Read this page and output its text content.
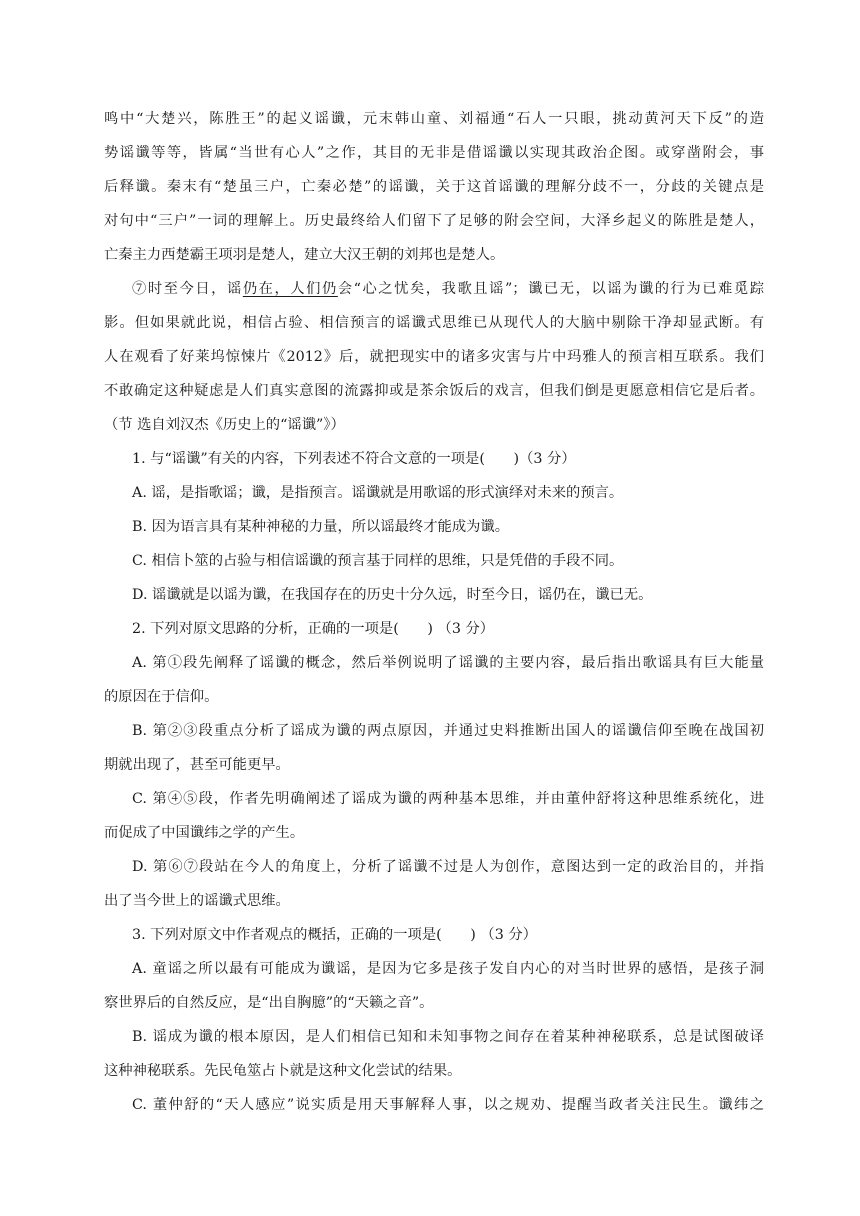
鸣中“大楚兴，陈胜王”的起义谣谶，元末韩山童、刘福通“石人一只眼，挑动黄河天下反”的造
势谣谶等等，皆属“当世有心人”之作，其目的无非是借谣谶以实现其政治企图。或穿凿附会，事
后释谶。秦末有“楚虽三户，亡秦必楚”的谣谶，关于这首谣谶的理解分歧不一，分歧的关键点是
对句中“三户”一词的理解上。历史最终给人们留下了足够的附会空间，大泽乡起义的陈胜是楚人，
亡秦主力西楚霸王项羽是楚人，建立大汉王朝的刘邦也是楚人。
⑦时至今日，谣仍在，人们仍会“心之忧矣，我歌且谣”；谶已无，以谣为谶的行为已难觅踪
影。但如果就此说，相信占验、相信预言的谣谶式思维已从现代人的大脑中剔除干净却显武断。有
人在观看了好莱坞惊悚片《2012》后，就把现实中的诸多灾害与片中玛雅人的预言相互联系。我们
不敢确定这种疑虑是人们真实意图的流露抑或是茶余饭后的戏言，但我们倒是更愿意相信它是后者。
（节 选自刘汉杰《历史上的“谣谶”》）
1. 与“谣谶”有关的内容，下列表述不符合文意的一项是(　　)（3 分）
A. 谣，是指歌谣；谶，是指预言。谣谶就是用歌谣的形式演绎对未来的预言。
B. 因为语言具有某种神秘的力量，所以谣最终才能成为谶。
C. 相信卜筮的占验与相信谣谶的预言基于同样的思维，只是凭借的手段不同。
D. 谣谶就是以谣为谶，在我国存在的历史十分久远，时至今日，谣仍在，谶已无。
2. 下列对原文思路的分析，正确的一项是(　　) （3 分）
A. 第①段先阐释了谣谶的概念，然后举例说明了谣谶的主要内容，最后指出歌谣具有巨大能量
的原因在于信仰。
B. 第②③段重点分析了谣成为谶的两点原因，并通过史料推断出国人的谣谶信仰至晚在战国初
期就出现了，甚至可能更早。
C. 第④⑤段，作者先明确阐述了谣成为谶的两种基本思维，并由董仲舒将这种思维系统化，进
而促成了中国谶纬之学的产生。
D. 第⑥⑦段站在今人的角度上，分析了谣谶不过是人为创作，意图达到一定的政治目的，并指
出了当今世上的谣谶式思维。
3. 下列对原文中作者观点的概括，正确的一项是(　　) （3 分）
A. 童谣之所以最有可能成为谶谣，是因为它多是孩子发自内心的对当时世界的感悟，是孩子洞
察世界后的自然反应，是“出自胸臆”的“天籁之音”。
B. 谣成为谶的根本原因，是人们相信已知和未知事物之间存在着某种神秘联系，总是试图破译
这种神秘联系。先民龟筮占卜就是这种文化尝试的结果。
C. 董仲舒的“天人感应”说实质是用天事解释人事，以之规劝、提醒当政者关注民生。谶纬之
